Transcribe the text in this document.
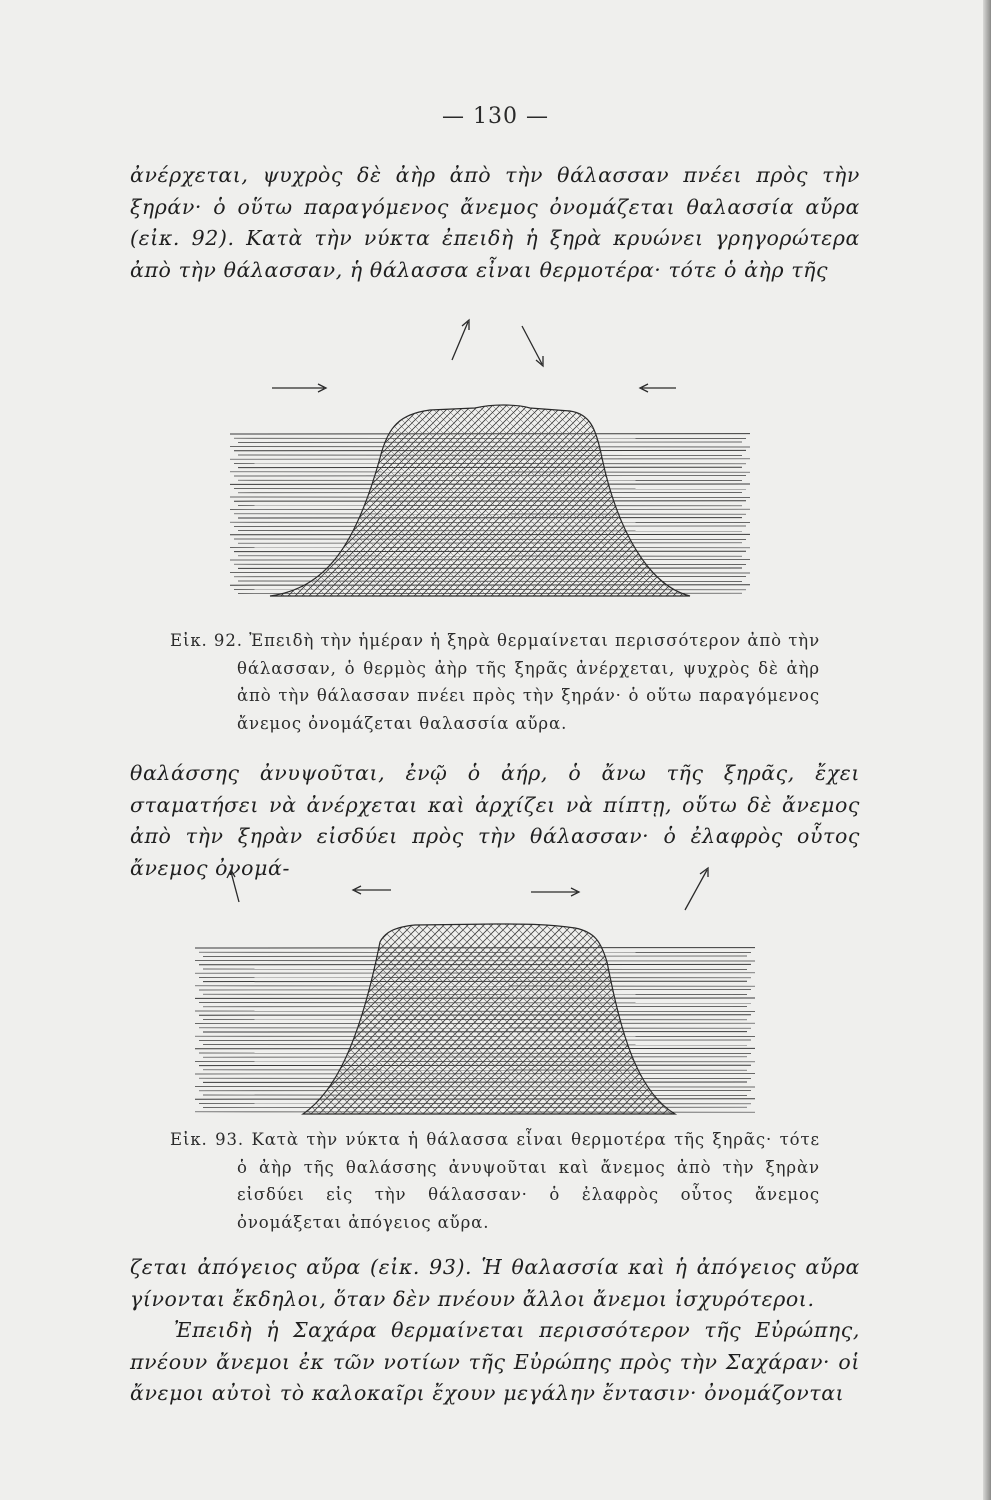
— 130 —

ἀνέρχεται, ψυχρὸς δὲ ἀὴρ ἀπὸ τὴν θάλασσαν πνέει πρὸς τὴν ξηράν· ὁ οὕτω παραγόμενος ἄνεμος ὀνομάζεται θαλασσία αὔρα (εἰκ. 92). Κατὰ τὴν νύκτα ἐπειδὴ ἡ ξηρὰ κρυώνει γρηγορώτερα ἀπὸ τὴν θάλασσαν, ἡ θάλασσα εἶναι θερμοτέρα· τότε ὁ ἀὴρ τῆς

Εἰκ. 92. Ἐπειδὴ τὴν ἡμέραν ἡ ξηρὰ θερμαίνεται περισσότερον ἀπὸ τὴν θάλασσαν, ὁ θερμὸς ἀὴρ τῆς ξηρᾶς ἀνέρχεται, ψυχρὸς δὲ ἀὴρ ἀπὸ τὴν θάλασσαν πνέει πρὸς τὴν ξηράν· ὁ οὕτω παραγόμενος ἄνεμος ὀνομάζεται θαλασσία αὔρα.

θαλάσσης ἀνυψοῦται, ἐνῷ ὁ ἀήρ, ὁ ἄνω τῆς ξηρᾶς, ἔχει σταματήσει νὰ ἀνέρχεται καὶ ἀρχίζει νὰ πίπτῃ, οὕτω δὲ ἄνεμος ἀπὸ τὴν ξηρὰν εἰσδύει πρὸς τὴν θάλασσαν· ὁ ἐλαφρὸς οὗτος ἄνεμος ὀνομά-

Εἰκ. 93. Κατὰ τὴν νύκτα ἡ θάλασσα εἶναι θερμοτέρα τῆς ξηρᾶς· τότε ὁ ἀὴρ τῆς θαλάσσης ἀνυψοῦται καὶ ἄνεμος ἀπὸ τὴν ξηρὰν εἰσδύει εἰς τὴν θάλασσαν· ὁ ἐλαφρὸς οὗτος ἄνεμος ὀνομάξεται ἀπόγειος αὔρα.

ζεται ἀπόγειος αὔρα (εἰκ. 93). Ἡ θαλασσία καὶ ἡ ἀπόγειος αὔρα γίνονται ἔκδηλοι, ὅταν δὲν πνέουν ἄλλοι ἄνεμοι ἰσχυρότεροι.

Ἐπειδὴ ἡ Σαχάρα θερμαίνεται περισσότερον τῆς Εὐρώπης, πνέουν ἄνεμοι ἐκ τῶν νοτίων τῆς Εὐρώπης πρὸς τὴν Σαχάραν· οἱ ἄνεμοι αὐτοὶ τὸ καλοκαῖρι ἔχουν μεγάλην ἔντασιν· ὀνομάζονται
